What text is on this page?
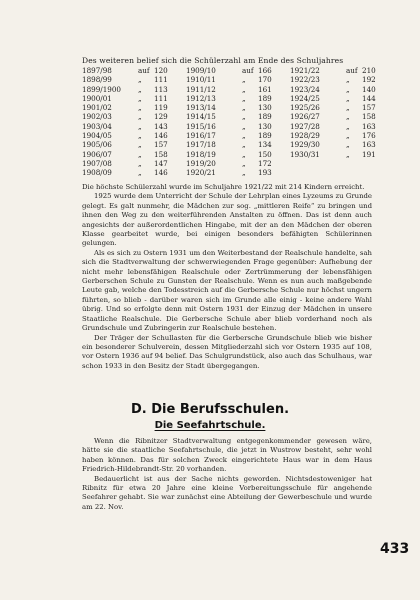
Des weiteren belief sich die Schülerzahl am Ende des Schuljahres
1897/98	auf 120
1898/99	„ 111
1899/1900 „ 113
1900/01	„ 111
1901/02	„ 119
1902/03	„ 129
1903/04	„ 143
1904/05	„ 146
1905/06	„ 157
1906/07	„ 158
1907/08	„ 147
1908/09	„ 146
1909/10	auf 166
1910/11	„ 170
1911/12	„ 161
1912/13	„ 189
1913/14	„ 130
1914/15	„ 189
1915/16	„ 130
1916/17	„ 189
1917/18	„ 134
1918/19	„ 150
1919/20	„ 172
1920/21	„ 193
1921/22	auf 210
1922/23	„ 192
1923/24	„ 140
1924/25	„ 144
1925/26	„ 157
1926/27	„ 158
1927/28	„ 163
1928/29	„ 176
1929/30	„ 163
1930/31	„ 191

Die höchste Schülerzahl wurde im Schuljahre 1921/22 mit 214 Kindern erreicht.

1925 wurde dem Unterricht der Schule der Lehrplan eines Lyzeums zu Grunde gelegt. Es galt nunmehr, die Mädchen zur sog. „mittleren Reife“ zu bringen und ihnen den Weg zu den weiterführenden Anstalten zu öffnen. Das ist denn auch angesichts der außerordentlichen Hingabe, mit der an den Mädchen der oberen Klasse gearbeitet wurde, bei einigen besonders befähigten Schülerinnen gelungen.

Als es sich zu Ostern 1931 um den Weiterbestand der Realschule handelte, sah sich die Stadtverwaltung der schwerwiegenden Frage gegenüber: Aufhebung der nicht mehr lebensfähigen Realschule oder Zertrümmerung der lebensfähigen Gerberschen Schule zu Gunsten der Realschule. Wenn es nun auch maßgebende Leute gab, welche den Todesstreich auf die Gerbersche Schule nur höchst ungern führten, so blieb - darüber waren sich im Grunde alle einig - keine andere Wahl übrig. Und so erfolgte denn mit Ostern 1931 der Einzug der Mädchen in unsere Staatliche Realschule. Die Gerbersche Schule aber blieb vorderhand noch als Grundschule und Zubringerin zur Realschule bestehen.

Der Träger der Schullasten für die Gerbersche Grundschule blieb wie bisher ein besonderer Schulverein, dessen Mitgliederzahl sich vor Ostern 1935 auf 108, vor Ostern 1936 auf 94 belief. Das Schulgrundstück, also auch das Schulhaus, war schon 1933 in den Besitz der Stadt übergegangen.

D. Die Berufsschulen.
Die Seefahrtschule.

Wenn die Ribnitzer Stadtverwaltung entgegenkommender gewesen wäre, hätte sie die staatliche Seefahrtschule, die jetzt in Wustrow besteht, sehr wohl haben können. Das für solchen Zweck eingerichtete Haus war in dem Haus Friedrich-Hildebrandt-Str. 20 vorhanden.

Bedauerlicht ist aus der Sache nichts geworden. Nichtsdestoweniger hat Ribnitz für etwa 20 Jahre eine kleine Vorbereitungsschule für angehende Seefahrer gehabt. Sie war zunächst eine Abteilung der Gewerbeschule und wurde am 22. Nov.

433
